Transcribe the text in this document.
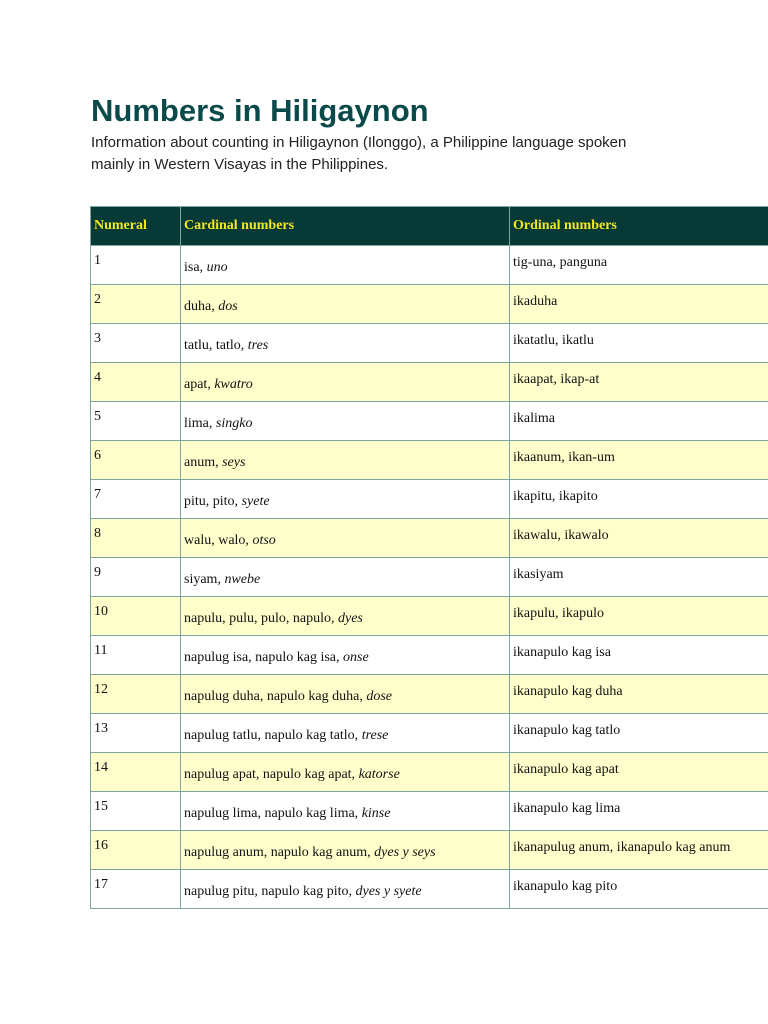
Numbers in Hiligaynon

Information about counting in Hiligaynon (Ilonggo), a Philippine language spoken mainly in Western Visayas in the Philippines.

Numeral	Cardinal numbers	Ordinal numbers
1	isa, uno	tig-una, panguna
2	duha, dos	ikaduha
3	tatlu, tatlo, tres	ikatatlu, ikatlu
4	apat, kwatro	ikaapat, ikap-at
5	lima, singko	ikalima
6	anum, seys	ikaanum, ikan-um
7	pitu, pito, syete	ikapitu, ikapito
8	walu, walo, otso	ikawalu, ikawalo
9	siyam, nwebe	ikasiyam
10	napulu, pulu, pulo, napulo, dyes	ikapulu, ikapulo
11	napulug isa, napulo kag isa, onse	ikanapulo kag isa
12	napulug duha, napulo kag duha, dose	ikanapulo kag duha
13	napulug tatlu, napulo kag tatlo, trese	ikanapulo kag tatlo
14	napulug apat, napulo kag apat, katorse	ikanapulo kag apat
15	napulug lima, napulo kag lima, kinse	ikanapulo kag lima
16	napulug anum, napulo kag anum, dyes y seys	ikanapulug anum, ikanapulo kag anum
17	napulug pitu, napulo kag pito, dyes y syete	ikanapulo kag pito
